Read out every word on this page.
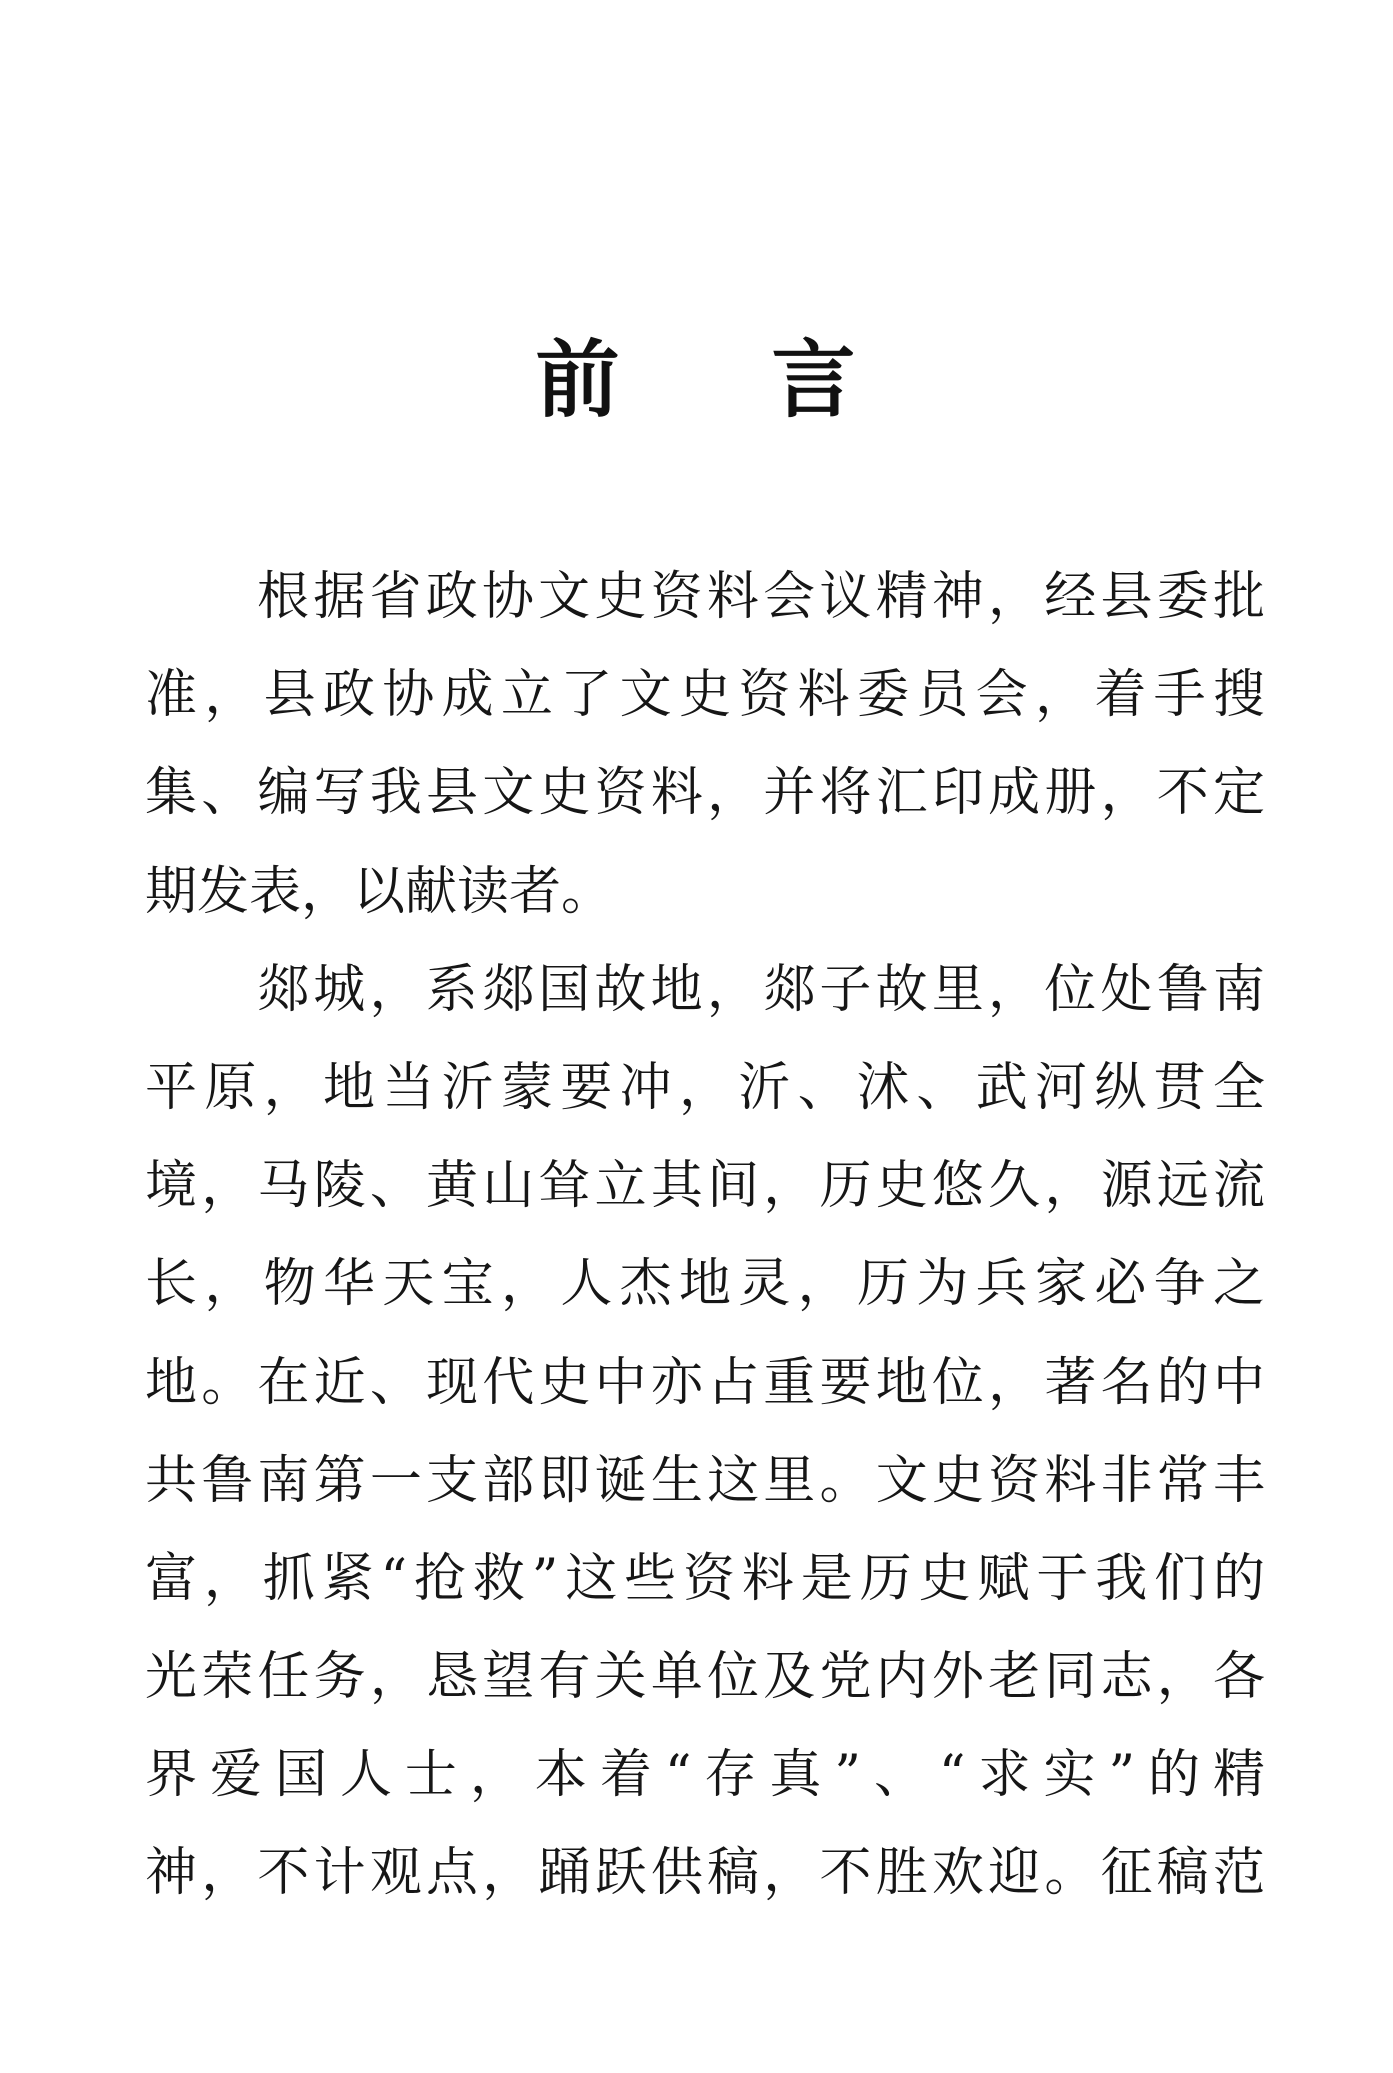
前 言
根据省政协文史资料会议精神，经县委批
准，县政协成立了文史资料委员会，着手搜
集、编写我县文史资料，并将汇印成册，不定
期发表，以献读者。
郯城，系郯国故地，郯子故里，位处鲁南
平原，地当沂蒙要冲，沂、沭、武河纵贯全
境，马陵、黄山耸立其间，历史悠久，源远流
长，物华天宝，人杰地灵，历为兵家必争之
地。在近、现代史中亦占重要地位，著名的中
共鲁南第一支部即诞生这里。文史资料非常丰
富，抓紧“抢救”这些资料是历史赋于我们的
光荣任务，恳望有关单位及党内外老同志，各
界爱国人士，本着“存真”、“求实”的精
神，不计观点，踊跃供稿，不胜欢迎。征稿范
